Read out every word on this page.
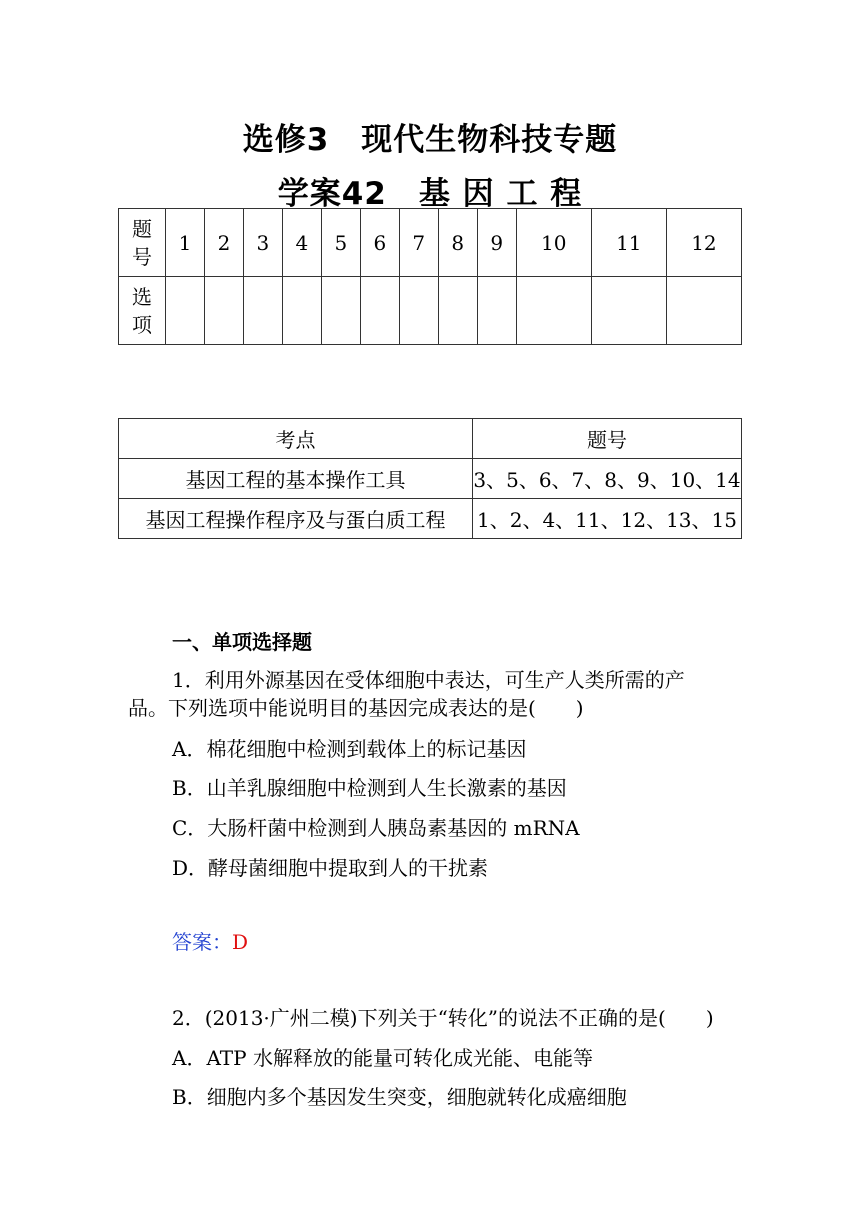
选修3　现代生物科技专题
学案42　基 因 工 程
题
号	1	2	3	4	5	6	7	8	9	10	11	12
选
项												
考点	题号
基因工程的基本操作工具	3、5、6、7、8、9、10、14
基因工程操作程序及与蛋白质工程	1、2、4、11、12、13、15
一、单项选择题
1．利用外源基因在受体细胞中表达，可生产人类所需的产
品。下列选项中能说明目的基因完成表达的是(　　)
A．棉花细胞中检测到载体上的标记基因
B．山羊乳腺细胞中检测到人生长激素的基因
C．大肠杆菌中检测到人胰岛素基因的 mRNA
D．酵母菌细胞中提取到人的干扰素
答案：D
2．(2013·广州二模)下列关于“转化”的说法不正确的是(　　)
A．ATP 水解释放的能量可转化成光能、电能等
B．细胞内多个基因发生突变，细胞就转化成癌细胞
